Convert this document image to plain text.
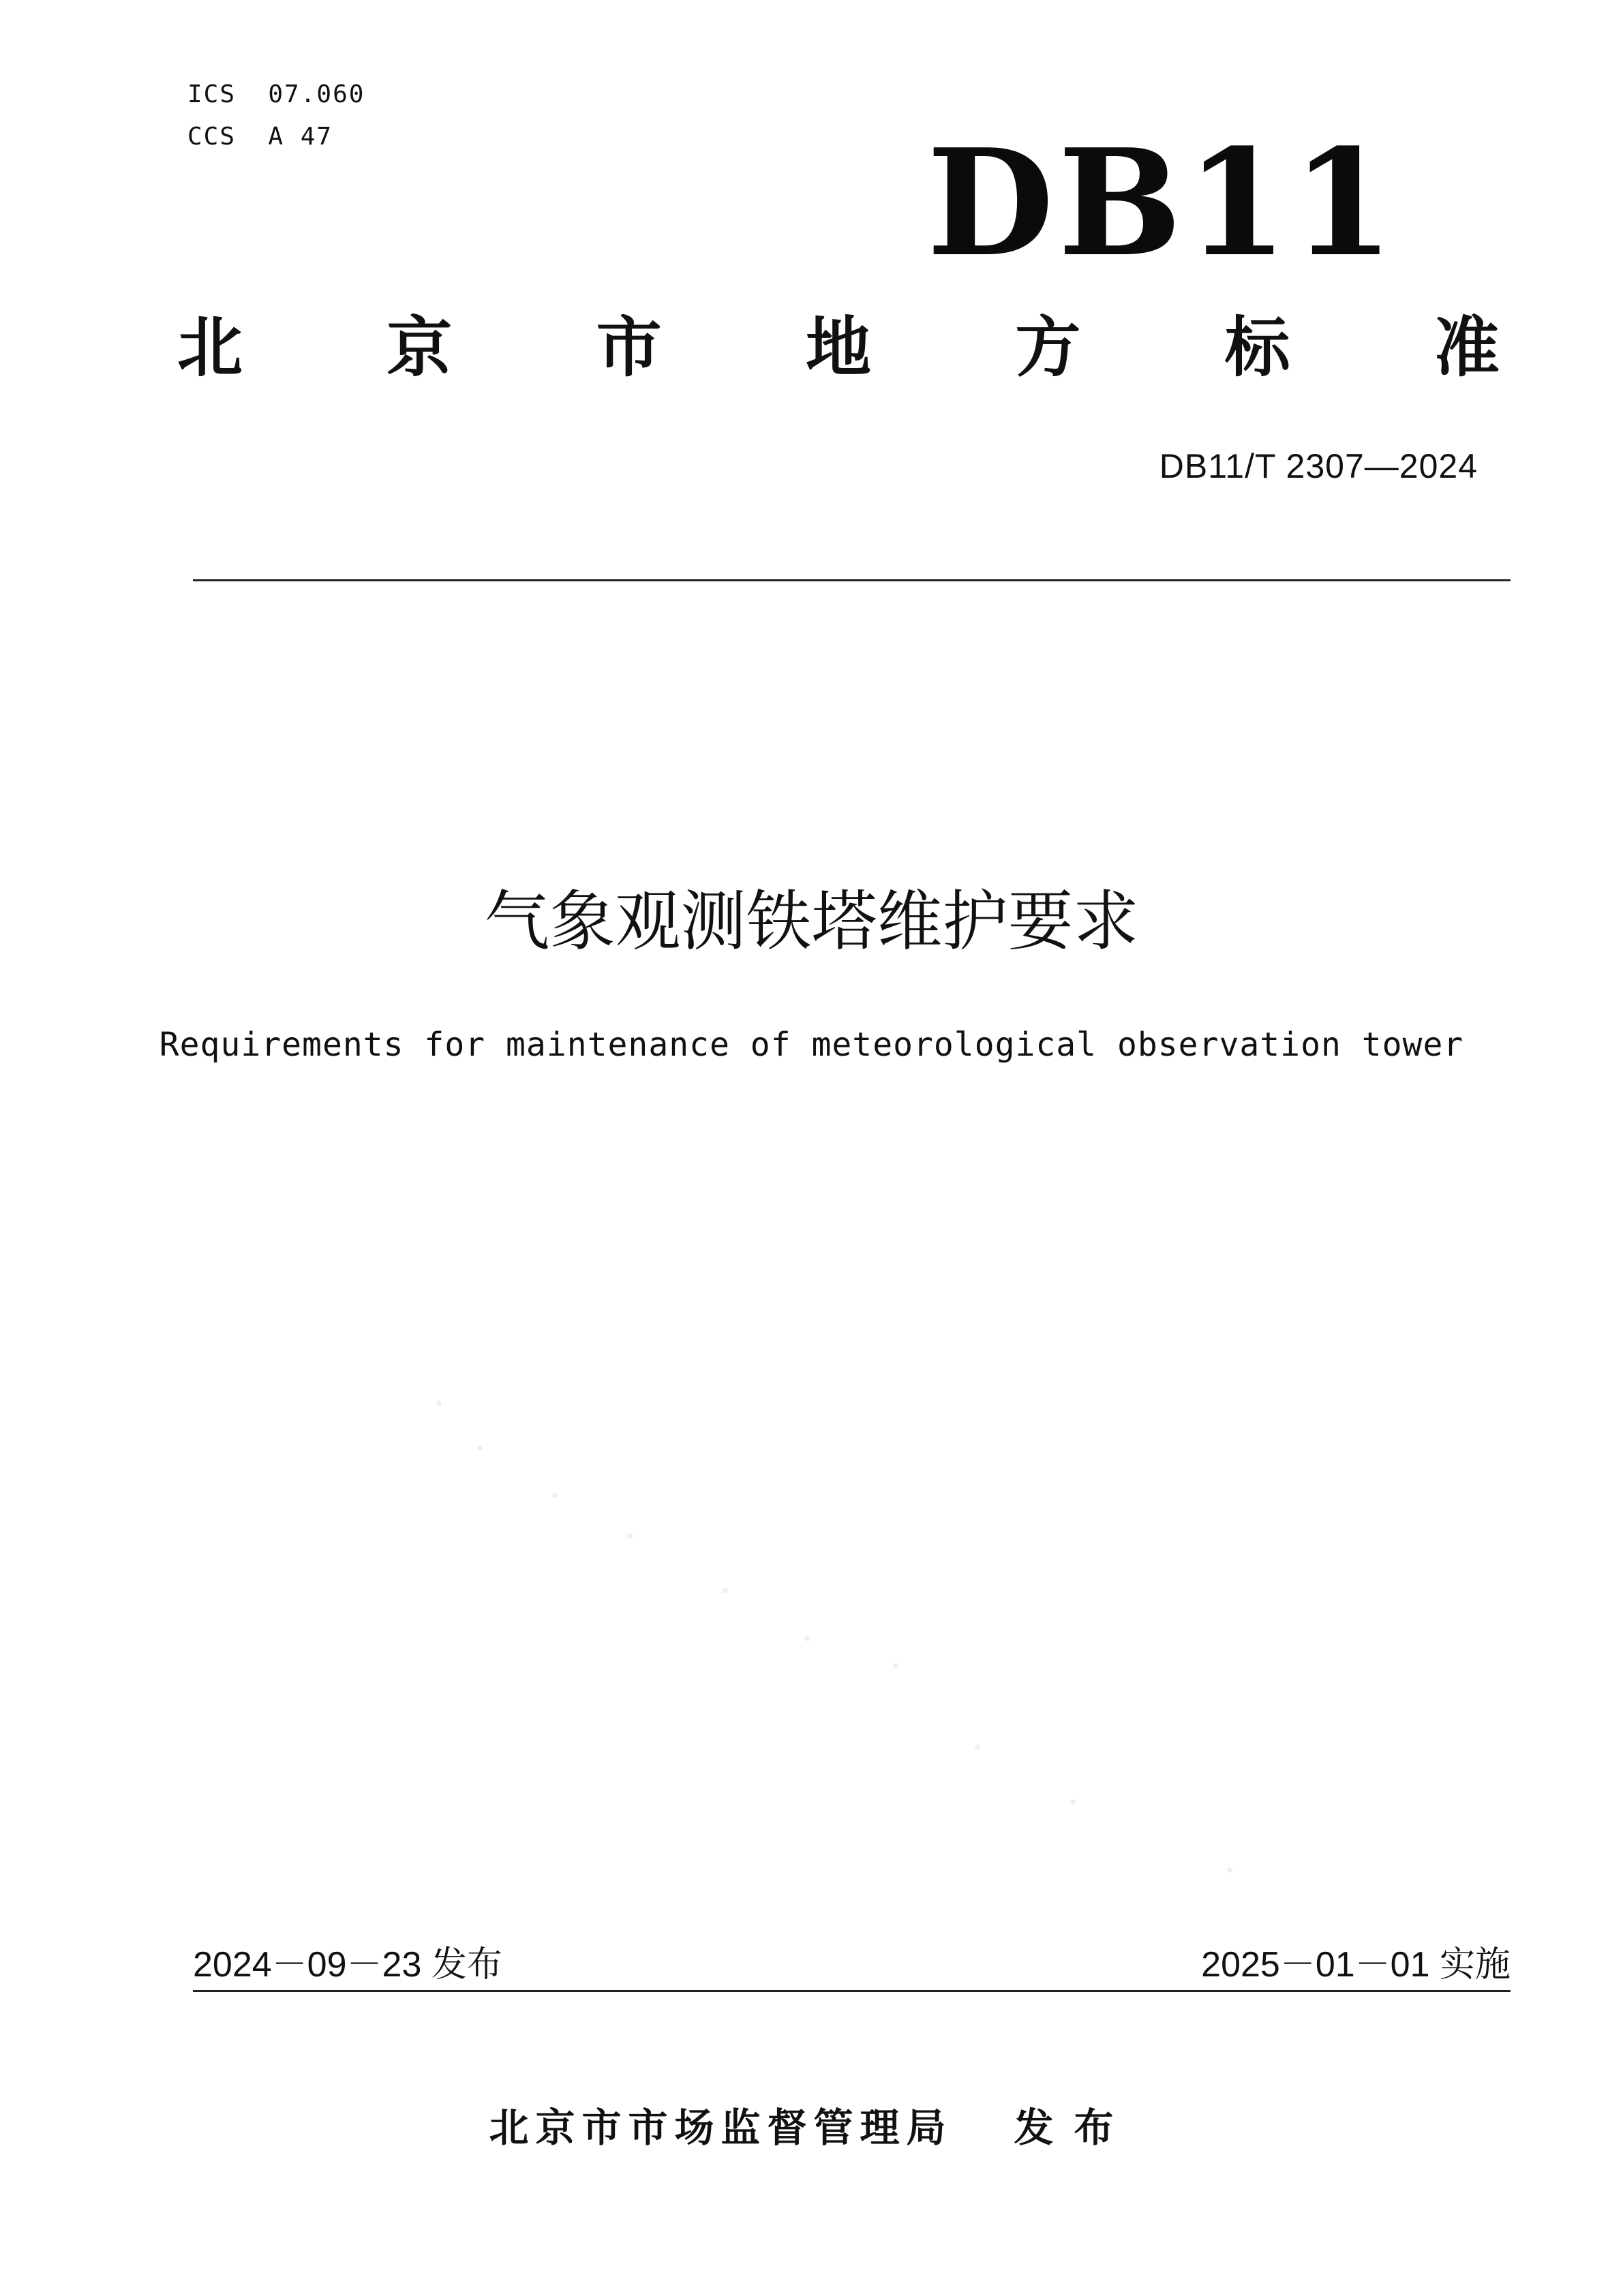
ICS  07.060
CCS  A 47	DB11
北 京 市 地 方 标 准
DB11/T 2307—2024
气象观测铁塔维护要求
Requirements for maintenance of meteorological observation tower
2024－09－23 发布	2025－01－01 实施
北京市市场监督管理局 发布
